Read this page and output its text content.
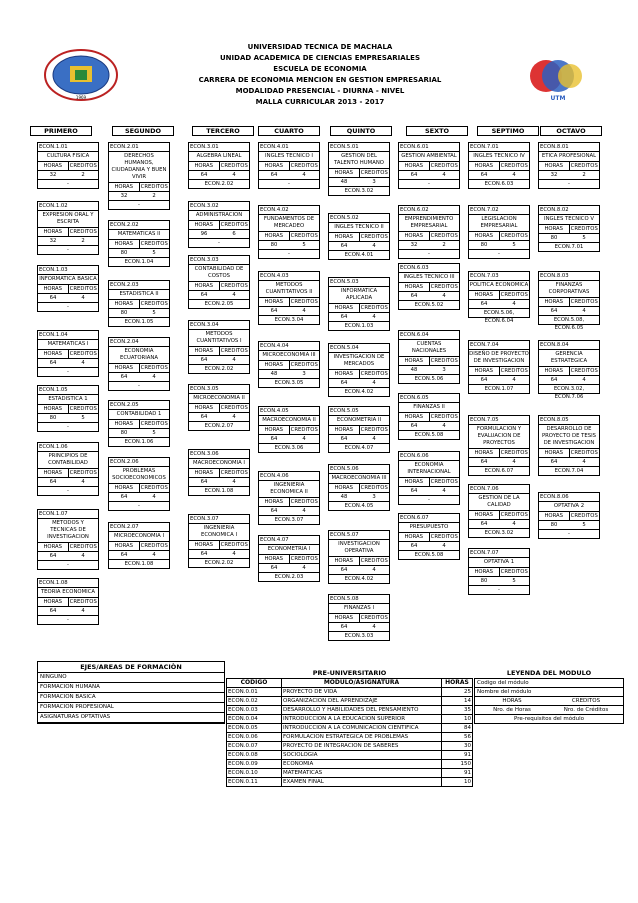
1969	UTM
UNIVERSIDAD TECNICA DE MACHALA
UNIDAD ACADEMICA DE CIENCIAS EMPRESARIALES
ESCUELA DE ECONOMIA
CARRERA DE ECONOMIA MENCION EN GESTION EMPRESARIAL
MODALIDAD PRESENCIAL - DIURNA - NIVEL
MALLA CURRICULAR 2013 - 2017
PRIMERO
ECON.1.01
CULTURA FISICA
HORAS	CREDITOS
32	2
-
ECON.1.02
EXPRESION ORAL Y ESCRITA
HORAS	CREDITOS
32	2
-
ECON.1.03
INFORMATICA BASICA
HORAS	CREDITOS
64	4
-
ECON.1.04
MATEMATICAS I
HORAS	CREDITOS
64	4
-
ECON.1.05
ESTADISTICA 1
HORAS	CREDITOS
80	5
-
ECON.1.06
PRINCIPIOS DE CONTABILIDAD
HORAS	CREDITOS
64	4
-
ECON.1.07
METODOS Y TECNICAS DE INVESTIGACION
HORAS	CREDITOS
64	4
-
ECON.1.08
TEORIA ECONOMICA
HORAS	CREDITOS
64	4
-
SEGUNDO
ECON.2.01
DERECHOS HUMANOS, CIUDADANIA Y BUEN VIVIR
HORAS	CREDITOS
32	2
-
ECON.2.02
MATEMATICAS II
HORAS	CREDITOS
80	5
ECON.1.04
ECON.2.03
ESTADISTICA II
HORAS	CREDITOS
80	5
ECON.1.05
ECON.2.04
ECONOMIA ECUATORIANA
HORAS	CREDITOS
64	4
-
ECON.2.05
CONTABILIDAD 1
HORAS	CREDITOS
80	5
ECON.1.06
ECON.2.06
PROBLEMAS SOCIOECONOMICOS
HORAS	CREDITOS
64	4
-
ECON.2.07
MICROECONOMIA I
HORAS	CREDITOS
64	4
ECON.1.08
TERCERO
ECON.3.01
ALGEBRA LINEAL
HORAS	CREDITOS
64	4
ECON.2.02
ECON.3.02
ADMINISTRACION
HORAS	CREDITOS
96	6
-
ECON.3.03
CONTABILIDAD DE COSTOS
HORAS	CREDITOS
64	4
ECON.2.05
ECON.3.04
METODOS CUANTITATIVOS I
HORAS	CREDITOS
64	4
ECON.2.02
ECON.3.05
MICROECONOMIA II
HORAS	CREDITOS
64	4
ECON.2.07
ECON.3.06
MACROECONOMIA I
HORAS	CREDITOS
64	4
ECON.1.08
ECON.3.07
INGENIERIA ECONOMICA I
HORAS	CREDITOS
64	4
ECON.2.02
CUARTO
ECON.4.01
INGLES TECNICO I
HORAS	CREDITOS
64	4
-
ECON.4.02
FUNDAMENTOS DE MERCADEO
HORAS	CREDITOS
80	5
-
ECON.4.03
METODOS CUANTITATIVOS II
HORAS	CREDITOS
64	4
ECON.3.04
ECON.4.04
MICROECONOMIA III
HORAS	CREDITOS
48	3
ECON.3.05
ECON.4.05
MACROECONOMIA II
HORAS	CREDITOS
64	4
ECON.3.06
ECON.4.06
INGENIERIA ECONOMICA II
HORAS	CREDITOS
64	4
ECON.3.07
ECON.4.07
ECONOMETRIA I
HORAS	CREDITOS
64	4
ECON.2.03
QUINTO
ECON.5.01
GESTION DEL TALENTO HUMANO
HORAS	CREDITOS
48	3
ECON.3.02
ECON.5.02
INGLES TECNICO II
HORAS	CREDITOS
64	4
ECON.4.01
ECON.5.03
INFORMATICA APLICADA
HORAS	CREDITOS
64	4
ECON.1.03
ECON.5.04
INVESTIGACION DE MERCADOS
HORAS	CREDITOS
64	4
ECON.4.02
ECON.5.05
ECONOMETRIA II
HORAS	CREDITOS
64	4
ECON.4.07
ECON.5.06
MACROECONOMIA III
HORAS	CREDITOS
48	3
ECON.4.05
ECON.5.07
INVESTIGACION OPERATIVA
HORAS	CREDITOS
64	4
ECON.4.02
ECON.5.08
FINANZAS I
HORAS	CREDITOS
64	4
ECON.3.03
SEXTO
ECON.6.01
GESTION AMBIENTAL
HORAS	CREDITOS
64	4
-
ECON.6.02
EMPRENDIMIENTO EMPRESARIAL
HORAS	CREDITOS
32	2
-
ECON.6.03
INGLES TECNICO III
HORAS	CREDITOS
64	4
ECON.5.02
ECON.6.04
CUENTAS NACIONALES
HORAS	CREDITOS
48	3
ECON.5.06
ECON.6.05
FINANZAS II
HORAS	CREDITOS
64	4
ECON.5.08
ECON.6.06
ECONOMIA INTERNACIONAL
HORAS	CREDITOS
64	4
-
ECON.6.07
PRESUPUESTO
HORAS	CREDITOS
64	4
ECON.5.08
SEPTIMO
ECON.7.01
INGLES TECNICO IV
HORAS	CREDITOS
64	4
ECON.6.03
ECON.7.02
LEGISLACION EMPRESARIAL
HORAS	CREDITOS
80	5
-
ECON.7.03
POLITICA ECONOMICA
HORAS	CREDITOS
64	4
ECON.5.06, ECON.6.04
ECON.7.04
DISEÑO DE PROYECTO DE INVESTIGACION
HORAS	CREDITOS
64	4
ECON.1.07
ECON.7.05
FORMULACION Y EVALUACION DE PROYECTOS
HORAS	CREDITOS
64	4
ECON.6.07
ECON.7.06
GESTION DE LA CALIDAD
HORAS	CREDITOS
64	4
ECON.3.02
ECON.7.07
OPTATIVA 1
HORAS	CREDITOS
80	5
-
OCTAVO
ECON.8.01
ETICA PROFESIONAL
HORAS	CREDITOS
32	2
-
ECON.8.02
INGLES TECNICO V
HORAS	CREDITOS
80	5
ECON.7.01
ECON.8.03
FINANZAS CORPORATIVAS
HORAS	CREDITOS
64	4
ECON.5.08, ECON.6.05
ECON.8.04
GERENCIA ESTRATEGICA
HORAS	CREDITOS
64	4
ECON.3.02, ECON.7.06
ECON.8.05
DESARROLLO DE PROYECTO DE TESIS DE INVESTIGACION
HORAS	CREDITOS
64	4
ECON.7.04
ECON.8.06
OPTATIVA 2
HORAS	CREDITOS
80	5
-
EJES/AREAS DE FORMACIÒN
NINGUNO
FORMACION HUMANA
FORMACION BASICA
FORMACION PROFESIONAL
ASIGNATURAS OPTATIVAS
PRE-UNIVERSITARIO
CODIGO	MODULO/ASIGNATURA	HORAS
ECON.0.01	PROYECTO DE VIDA	25
ECON.0.02	ORGANIZACION DEL APRENDIZAJE	14
ECON.0.03	DESARROLLO Y HABILIDADES DEL PENSAMIENTO	35
ECON.0.04	INTRODUCCION A LA EDUCACION SUPERIOR	10
ECON.0.05	INTRODUCCION A LA COMUNICACION CIENTIFICA	84
ECON.0.06	FORMULACION ESTRATEGICA DE PROBLEMAS	56
ECON.0.07	PROYECTO DE INTEGRACION DE SABERES	30
ECON.0.08	SOCIOLOGIA	91
ECON.0.09	ECONOMIA	150
ECON.0.10	MATEMATICAS	91
ECON.0.11	EXAMEN FINAL	10
LEYENDA DEL MODULO
Codigo del módulo
Nombre del módulo
HORAS	CREDITOS
Nro. de Horas	Nro. de Créditos
Pre-requisitos del módulo
